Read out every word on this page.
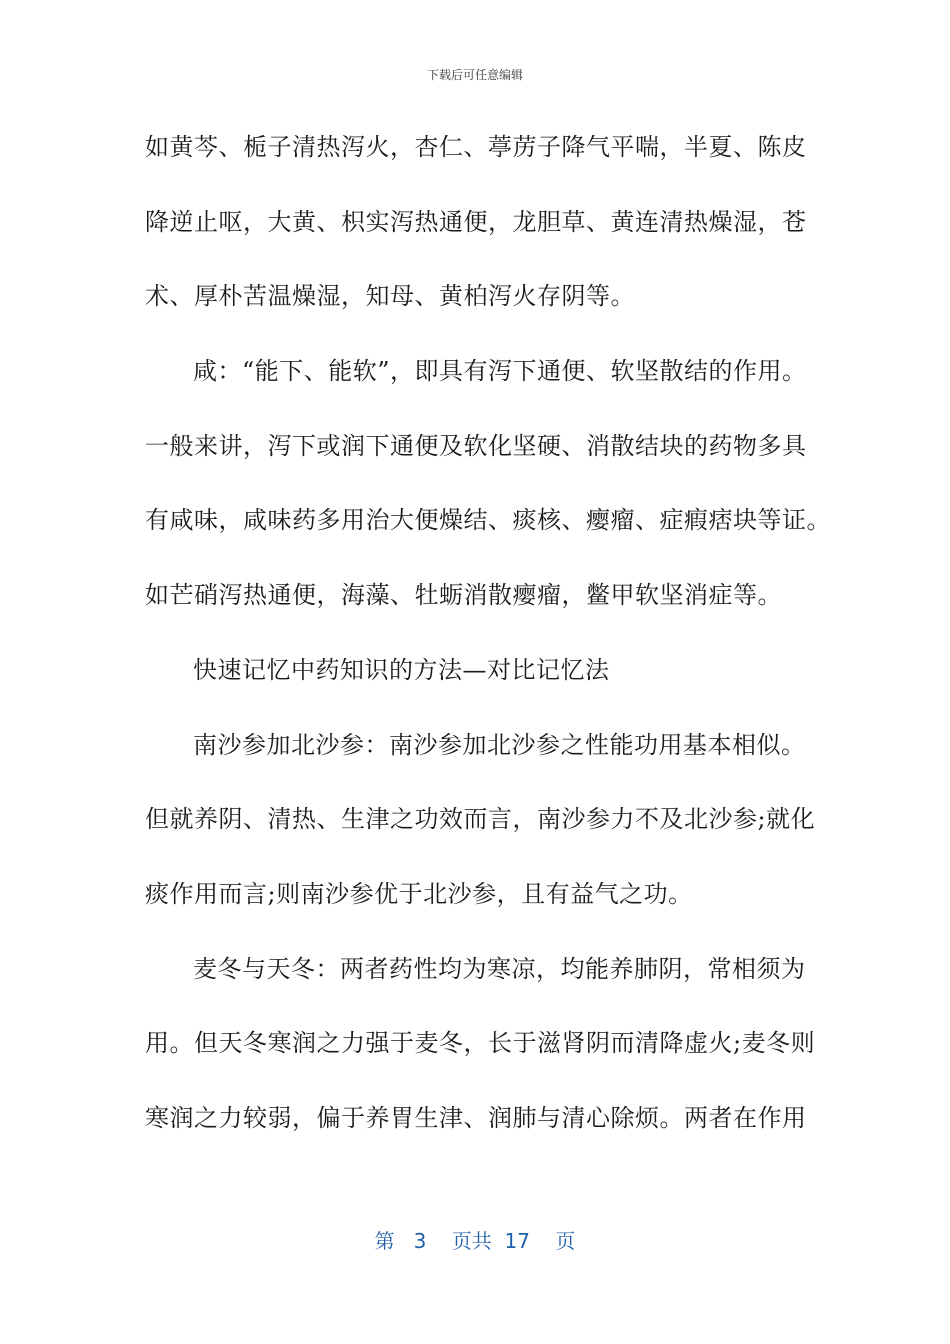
下载后可任意编辑
如黄芩、栀子清热泻火，杏仁、葶苈子降气平喘，半夏、陈皮
降逆止呕，大黄、枳实泻热通便，龙胆草、黄连清热燥湿，苍
术、厚朴苦温燥湿，知母、黄柏泻火存阴等。
咸：“能下、能软”，即具有泻下通便、软坚散结的作用。
一般来讲，泻下或润下通便及软化坚硬、消散结块的药物多具
有咸味，咸味药多用治大便燥结、痰核、瘿瘤、症瘕痞块等证。
如芒硝泻热通便，海藻、牡蛎消散瘿瘤，鳖甲软坚消症等。
快速记忆中药知识的方法—对比记忆法
南沙参加北沙参：南沙参加北沙参之性能功用基本相似。
但就养阴、清热、生津之功效而言，南沙参力不及北沙参;就化
痰作用而言;则南沙参优于北沙参，且有益气之功。
麦冬与天冬：两者药性均为寒凉，均能养肺阴，常相须为
用。但天冬寒润之力强于麦冬，长于滋肾阴而清降虚火;麦冬则
寒润之力较弱，偏于养胃生津、润肺与清心除烦。两者在作用
第 3 页共 17 页
